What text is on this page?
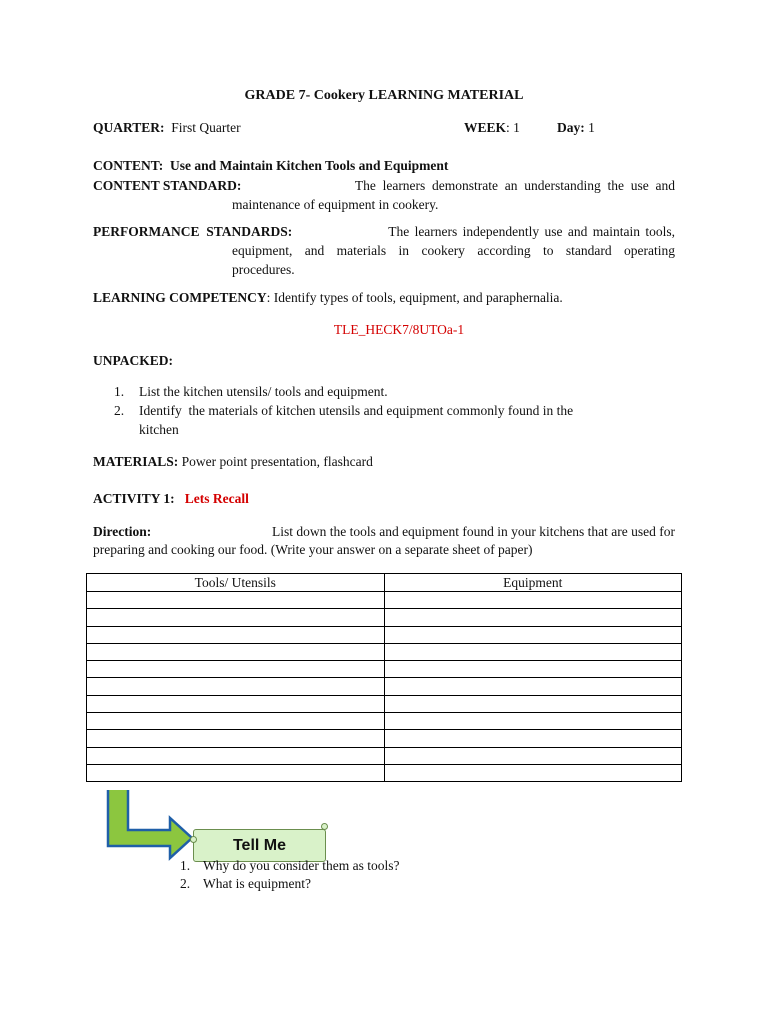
GRADE 7- Cookery LEARNING MATERIAL
QUARTER: First Quarter	WEEK: 1	Day: 1
CONTENT: Use and Maintain Kitchen Tools and Equipment
CONTENT STANDARD:	The  learners  demonstrate  an  understanding  the  use  and
maintenance of equipment in cookery.
PERFORMANCE  STANDARDS:	The learners independently use and maintain tools,
equipment, and materials in cookery according to standard operating
procedures.
LEARNING COMPETENCY: Identify types of tools, equipment, and paraphernalia.
TLE_HECK7/8UTOa-1
UNPACKED:
1. List the kitchen utensils/ tools and equipment.
2. Identify  the materials of kitchen utensils and equipment commonly found in the
kitchen
MATERIALS: Power point presentation, flashcard
ACTIVITY 1: Lets Recall
Direction:	List down the tools and equipment found in your kitchens that are used for
preparing and cooking our food. (Write your answer on a separate sheet of paper)
Tools/ Utensils	Equipment

Tell Me
1. Why do you consider them as tools?
2. What is equipment?
